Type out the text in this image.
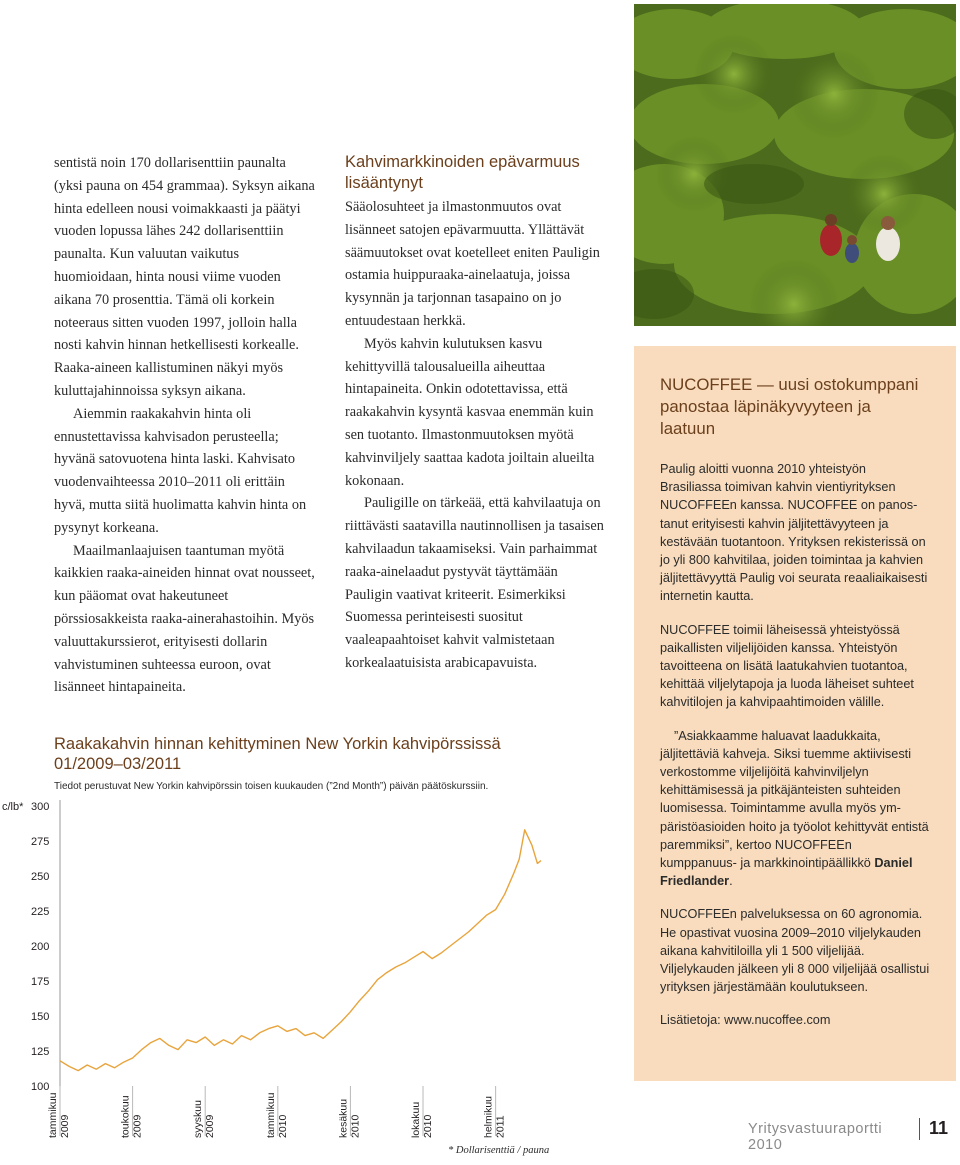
sentistä noin 170 dollarisenttiin paunalta (yksi pauna on 454 grammaa). Syksyn aikana hinta edelleen nousi voimakkaasti ja päätyi vuoden lopussa lähes 242 dollarisenttiin paunalta. Kun valuutan vaikutus huomioidaan, hinta nousi viime vuoden aikana 70 prosenttia. Tämä oli korkein noteeraus sitten vuoden 1997, jolloin halla nosti kahvin hinnan hetkellisesti korkealle. Raaka-aineen kallistuminen näkyi myös kuluttajahinnoissa syksyn aikana.

Aiemmin raakakahvin hinta oli ennustettavissa kahvisadon perusteella; hyvänä satovuotena hinta laski. Kahvisato vuodenvaihteessa 2010–2011 oli erittäin hyvä, mutta siitä huolimatta kahvin hinta on pysynyt korkeana.

Maailmanlaajuisen taantuman myötä kaikkien raaka-aineiden hinnat ovat nousseet, kun pääomat ovat hakeutuneet pörssiosakkeista raaka-ainerahastoihin. Myös valuuttakurssierot, erityisesti dollarin vahvistuminen suhteessa euroon, ovat lisänneet hintapaineita.

Kahvimarkkinoiden epävarmuus lisääntynyt

Sääolosuhteet ja ilmastonmuutos ovat lisänneet satojen epävarmuutta. Yllättävät säämuutokset ovat koetelleet eniten Pauligin ostamia huippuraaka-ainelaatuja, joissa kysynnän ja tarjonnan tasapaino on jo entuudestaan herkkä.

Myös kahvin kulutuksen kasvu kehittyvillä talousalueilla aiheuttaa hintapaineita. Onkin odotettavissa, että raakakahvin kysyntä kasvaa enemmän kuin sen tuotanto. Ilmastonmuutoksen myötä kahvinviljely saattaa kadota joiltain alueilta kokonaan.

Pauligille on tärkeää, että kahvilaatuja on riittävästi saatavilla nautinnollisen ja tasaisen kahvilaadun takaamiseksi. Vain parhaimmat raaka-ainelaadut pystyvät täyttämään Pauligin vaativat kriteerit. Esimerkiksi Suomessa perinteisesti suositut vaaleapaahtoiset kahvit valmistetaan korkealaatuisista arabicapavuista.

NUCOFFEE — uusi ostokumppani panostaa läpinäkyvyyteen ja laatuun
Paulig aloitti vuonna 2010 yhteistyön Brasiliassa toimivan kahvin vientiyrityksen NUCOFFEEn kanssa. NUCOFFEE on panostanut erityisesti kahvin jäljitettävyyteen ja kestävään tuotantoon. Yrityksen rekisterissä on jo yli 800 kahvitilaa, joiden toimintaa ja kahvien jäljitettävyyttä Paulig voi seurata reaaliaikaisesti internetin kautta.
NUCOFFEE toimii läheisessä yhteistyössä paikallisten viljelijöiden kanssa. Yhteistyön tavoitteena on lisätä laatukahvien tuotantoa, kehittää viljelytapoja ja luoda läheiset suhteet kahvitilojen ja kahvipaahtimoiden välille.
”Asiakkaamme haluavat laadukkaita, jäljitettäviä kahveja. Siksi tuemme aktiivisesti verkostomme viljelijöitä kahvinviljelyn kehittämisessä ja pitkäjänteisten suhteiden luomisessa. Toimintamme avulla myös ympäristöasioiden hoito ja työolot kehittyvät entistä paremmiksi”, kertoo NUCOFFEEn kumppanuus- ja markkinointipäällikkö Daniel Friedlander.
NUCOFFEEn palveluksessa on 60 agronomia. He opastivat vuosina 2009–2010 viljelykauden aikana kahvitiloilla yli 1 500 viljelijää. Viljelykauden jälkeen yli 8 000 viljelijää osallistui yrityksen järjestämään koulutukseen.
Lisätietoja: www.nucoffee.com
Raakakahvin hinnan kehittyminen New Yorkin kahvipörssissä 01/2009–03/2011
Tiedot perustuvat New Yorkin kahvipörssin toisen kuukauden (”2nd Month”) päivän päätöskurssiin.
c/lb*
100
125
150
175
200
225
250
275
300
tammikuu2009	toukokuu2009	syyskuu2009	tammikuu2010	kesäkuu2010	lokakuu2010	helmikuu2011
* Dollarisenttiä / pauna
Yritysvastuuraportti 2010
11
